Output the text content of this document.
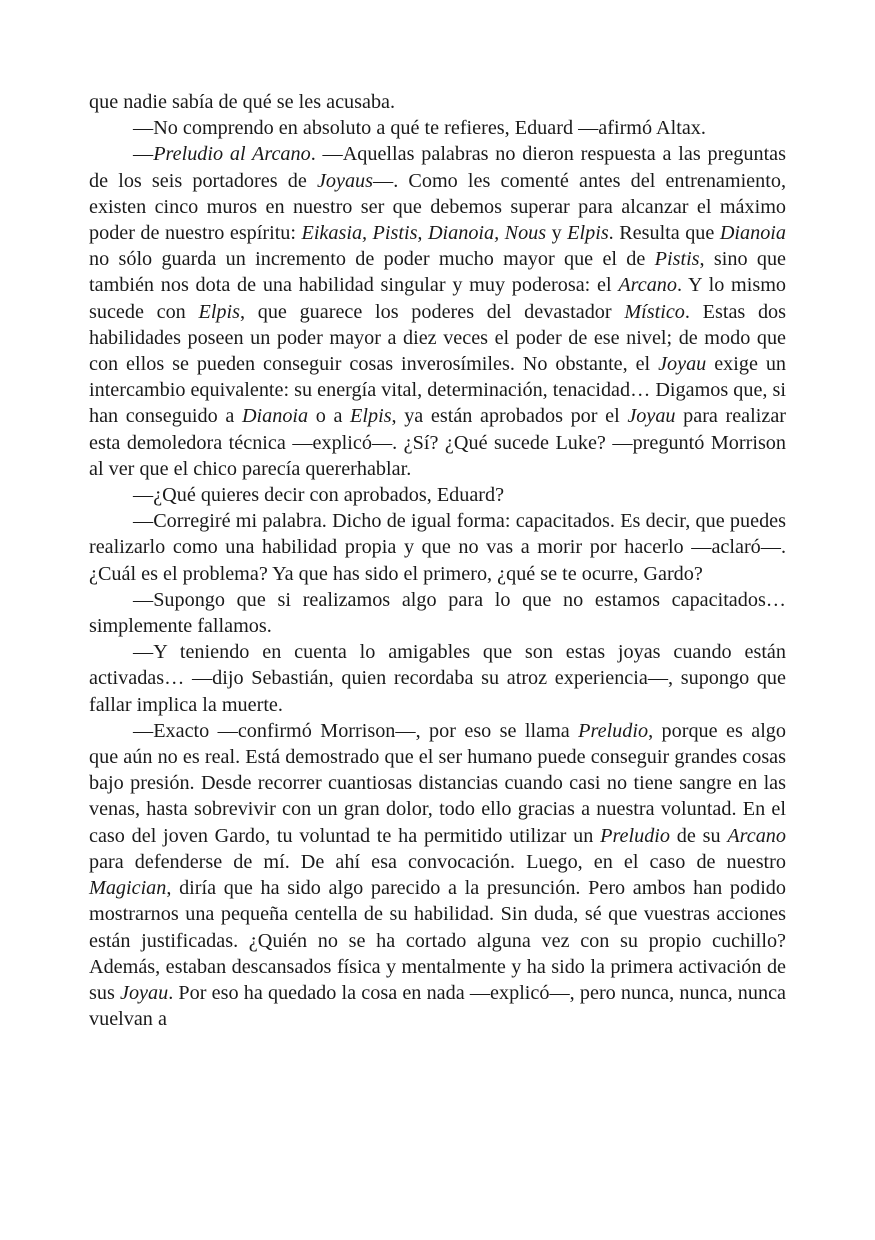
que nadie sabía de qué se les acusaba.

—No comprendo en absoluto a qué te refieres, Eduard —afirmó Altax.

—Preludio al Arcano. —Aquellas palabras no dieron respuesta a las preguntas de los seis portadores de Joyaus—. Como les comenté antes del entrenamiento, existen cinco muros en nuestro ser que debemos superar para alcanzar el máximo poder de nuestro espíritu: Eikasia, Pistis, Dianoia, Nous y Elpis. Resulta que Dianoia no sólo guarda un incremento de poder mucho mayor que el de Pistis, sino que también nos dota de una habilidad singular y muy poderosa: el Arcano. Y lo mismo sucede con Elpis, que guarece los poderes del devastador Místico. Estas dos habilidades poseen un poder mayor a diez veces el poder de ese nivel; de modo que con ellos se pueden conseguir cosas inverosímiles. No obstante, el Joyau exige un intercambio equivalente: su energía vital, determinación, tenacidad… Digamos que, si han conseguido a Dianoia o a Elpis, ya están aprobados por el Joyau para realizar esta demoledora técnica —explicó—. ¿Sí? ¿Qué sucede Luke? —preguntó Morrison al ver que el chico parecía quererhablar.

—¿Qué quieres decir con aprobados, Eduard?

—Corregiré mi palabra. Dicho de igual forma: capacitados. Es decir, que puedes realizarlo como una habilidad propia y que no vas a morir por hacerlo —aclaró—. ¿Cuál es el problema? Ya que has sido el primero, ¿qué se te ocurre, Gardo?

—Supongo que si realizamos algo para lo que no estamos capacitados… simplemente fallamos.

—Y teniendo en cuenta lo amigables que son estas joyas cuando están activadas… —dijo Sebastián, quien recordaba su atroz experiencia—, supongo que fallar implica la muerte.

—Exacto —confirmó Morrison—, por eso se llama Preludio, porque es algo que aún no es real. Está demostrado que el ser humano puede conseguir grandes cosas bajo presión. Desde recorrer cuantiosas distancias cuando casi no tiene sangre en las venas, hasta sobrevivir con un gran dolor, todo ello gracias a nuestra voluntad. En el caso del joven Gardo, tu voluntad te ha permitido utilizar un Preludio de su Arcano para defenderse de mí. De ahí esa convocación. Luego, en el caso de nuestro Magician, diría que ha sido algo parecido a la presunción. Pero ambos han podido mostrarnos una pequeña centella de su habilidad. Sin duda, sé que vuestras acciones están justificadas. ¿Quién no se ha cortado alguna vez con su propio cuchillo? Además, estaban descansados física y mentalmente y ha sido la primera activación de sus Joyau. Por eso ha quedado la cosa en nada —explicó—, pero nunca, nunca, nunca vuelvan a
